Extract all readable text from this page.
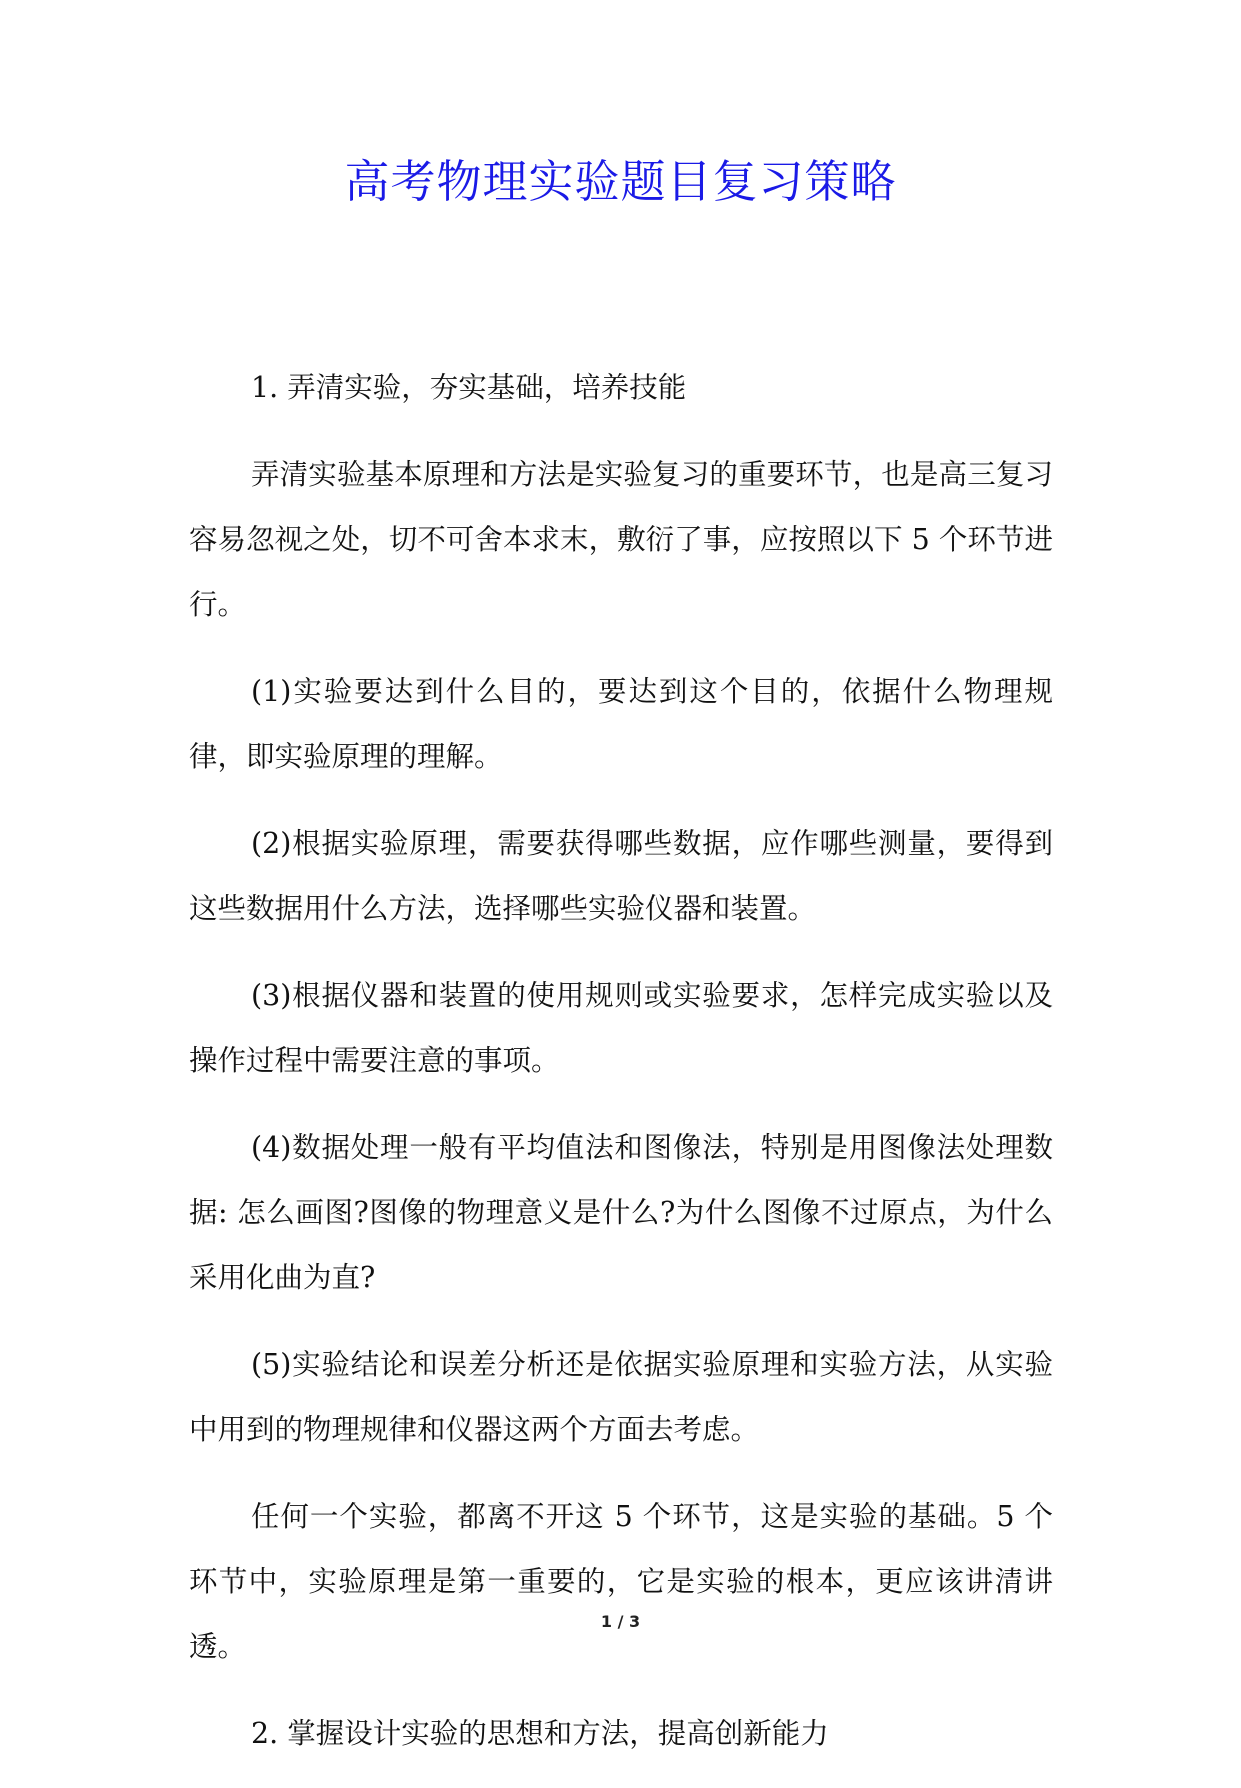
高考物理实验题目复习策略

1. 弄清实验，夯实基础，培养技能

弄清实验基本原理和方法是实验复习的重要环节，也是高三复习容易忽视之处，切不可舍本求末，敷衍了事，应按照以下 5 个环节进行。

(1)实验要达到什么目的，要达到这个目的，依据什么物理规律，即实验原理的理解。

(2)根据实验原理，需要获得哪些数据，应作哪些测量，要得到这些数据用什么方法，选择哪些实验仪器和装置。

(3)根据仪器和装置的使用规则或实验要求，怎样完成实验以及操作过程中需要注意的事项。

(4)数据处理一般有平均值法和图像法，特别是用图像法处理数据: 怎么画图?图像的物理意义是什么?为什么图像不过原点，为什么采用化曲为直?

(5)实验结论和误差分析还是依据实验原理和实验方法，从实验中用到的物理规律和仪器这两个方面去考虑。

任何一个实验，都离不开这 5 个环节，这是实验的基础。5 个环节中，实验原理是第一重要的，它是实验的根本，更应该讲清讲透。

2. 掌握设计实验的思想和方法，提高创新能力

1 / 3
